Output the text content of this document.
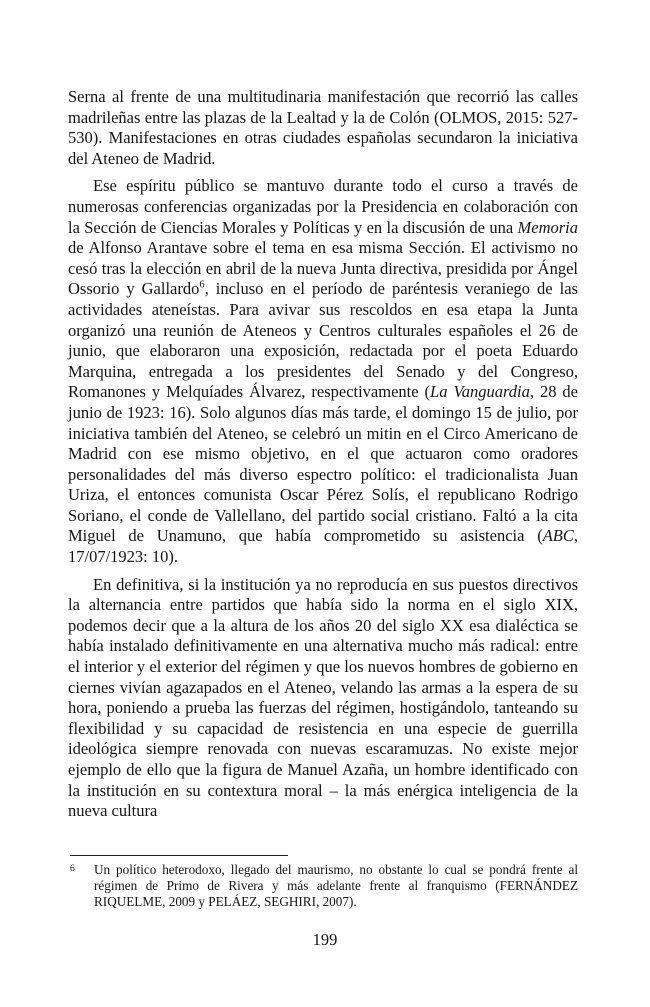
Serna al frente de una multitudinaria manifestación que recorrió las calles madrileñas entre las plazas de la Lealtad y la de Colón (OLMOS, 2015: 527-530). Manifestaciones en otras ciudades españolas secundaron la iniciativa del Ateneo de Madrid.

Ese espíritu público se mantuvo durante todo el curso a través de numerosas conferencias organizadas por la Presidencia en colaboración con la Sección de Ciencias Morales y Políticas y en la discusión de una Memoria de Alfonso Arantave sobre el tema en esa misma Sección. El activismo no cesó tras la elección en abril de la nueva Junta directiva, presidida por Ángel Ossorio y Gallardo$^6$, incluso en el período de paréntesis veraniego de las actividades ateneístas. Para avivar sus rescoldos en esa etapa la Junta organizó una reunión de Ateneos y Centros culturales españoles el 26 de junio, que elaboraron una exposición, redactada por el poeta Eduardo Marquina, entregada a los presidentes del Senado y del Congreso, Romanones y Melquíades Álvarez, respectivamente (La Vanguardia, 28 de junio de 1923: 16). Solo algunos días más tarde, el domingo 15 de julio, por iniciativa también del Ateneo, se celebró un mitin en el Circo Americano de Madrid con ese mismo objetivo, en el que actuaron como oradores personalidades del más diverso espectro político: el tradicionalista Juan Uriza, el entonces comunista Oscar Pérez Solís, el republicano Rodrigo Soriano, el conde de Vallellano, del partido social cristiano. Faltó a la cita Miguel de Unamuno, que había comprometido su asistencia (ABC, 17/07/1923: 10).

En definitiva, si la institución ya no reproducía en sus puestos directivos la alternancia entre partidos que había sido la norma en el siglo XIX, podemos decir que a la altura de los años 20 del siglo XX esa dialéctica se había instalado definitivamente en una alternativa mucho más radical: entre el interior y el exterior del régimen y que los nuevos hombres de gobierno en ciernes vivían agazapados en el Ateneo, velando las armas a la espera de su hora, poniendo a prueba las fuerzas del régimen, hostigándolo, tanteando su flexibilidad y su capacidad de resistencia en una especie de guerrilla ideológica siempre renovada con nuevas escaramuzas. No existe mejor ejemplo de ello que la figura de Manuel Azaña, un hombre identificado con la institución en su contextura moral – la más enérgica inteligencia de la nueva cultura

6 Un político heterodoxo, llegado del maurismo, no obstante lo cual se pondrá frente al régimen de Primo de Rivera y más adelante frente al franquismo (FERNÁNDEZ RIQUELME, 2009 y PELÁEZ, SEGHIRI, 2007).
199
